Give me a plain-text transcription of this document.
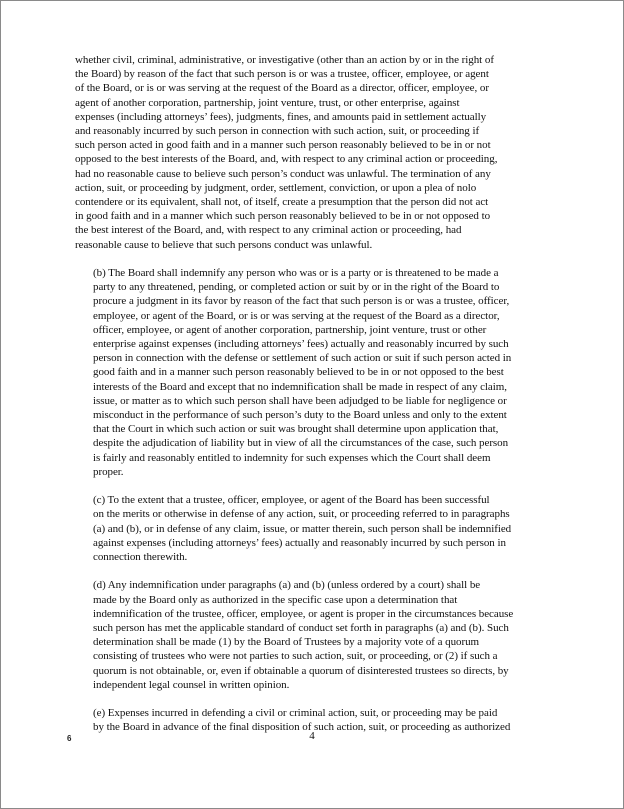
whether civil, criminal, administrative, or investigative (other than an action by or in the right of
the Board) by reason of the fact that such person is or was a trustee, officer, employee, or agent
of the Board, or is or was serving at the request of the Board as a director, officer, employee, or
agent of another corporation, partnership, joint venture, trust, or other enterprise, against
expenses (including attorneys’ fees), judgments, fines, and amounts paid in settlement actually
and reasonably incurred by such person in connection with such action, suit, or proceeding if
such person acted in good faith and in a manner such person reasonably believed to be in or not
opposed to the best interests of the Board, and, with respect to any criminal action or proceeding,
had no reasonable cause to believe such person’s conduct was unlawful. The termination of any
action, suit, or proceeding by judgment, order, settlement, conviction, or upon a plea of nolo
contendere or its equivalent, shall not, of itself, create a presumption that the person did not act
in good faith and in a manner which such person reasonably believed to be in or not opposed to
the best interest of the Board, and, with respect to any criminal action or proceeding, had
reasonable cause to believe that such persons conduct was unlawful.

(b) The Board shall indemnify any person who was or is a party or is threatened to be made a
party to any threatened, pending, or completed action or suit by or in the right of the Board to
procure a judgment in its favor by reason of the fact that such person is or was a trustee, officer,
employee, or agent of the Board, or is or was serving at the request of the Board as a director,
officer, employee, or agent of another corporation, partnership, joint venture, trust or other
enterprise against expenses (including attorneys’ fees) actually and reasonably incurred by such
person in connection with the defense or settlement of such action or suit if such person acted in
good faith and in a manner such person reasonably believed to be in or not opposed to the best
interests of the Board and except that no indemnification shall be made in respect of any claim,
issue, or matter as to which such person shall have been adjudged to be liable for negligence or
misconduct in the performance of such person’s duty to the Board unless and only to the extent
that the Court in which such action or suit was brought shall determine upon application that,
despite the adjudication of liability but in view of all the circumstances of the case, such person
is fairly and reasonably entitled to indemnity for such expenses which the Court shall deem
proper.

(c) To the extent that a trustee, officer, employee, or agent of the Board has been successful
on the merits or otherwise in defense of any action, suit, or proceeding referred to in paragraphs
(a) and (b), or in defense of any claim, issue, or matter therein, such person shall be indemnified
against expenses (including attorneys’ fees) actually and reasonably incurred by such person in
connection therewith.

(d) Any indemnification under paragraphs (a) and (b) (unless ordered by a court) shall be
made by the Board only as authorized in the specific case upon a determination that
indemnification of the trustee, officer, employee, or agent is proper in the circumstances because
such person has met the applicable standard of conduct set forth in paragraphs (a) and (b). Such
determination shall be made (1) by the Board of Trustees by a majority vote of a quorum
consisting of trustees who were not parties to such action, suit, or proceeding, or (2) if such a
quorum is not obtainable, or, even if obtainable a quorum of disinterested trustees so directs, by
independent legal counsel in written opinion.

(e) Expenses incurred in defending a civil or criminal action, suit, or proceeding may be paid
by the Board in advance of the final disposition of such action, suit, or proceeding as authorized

4
6
